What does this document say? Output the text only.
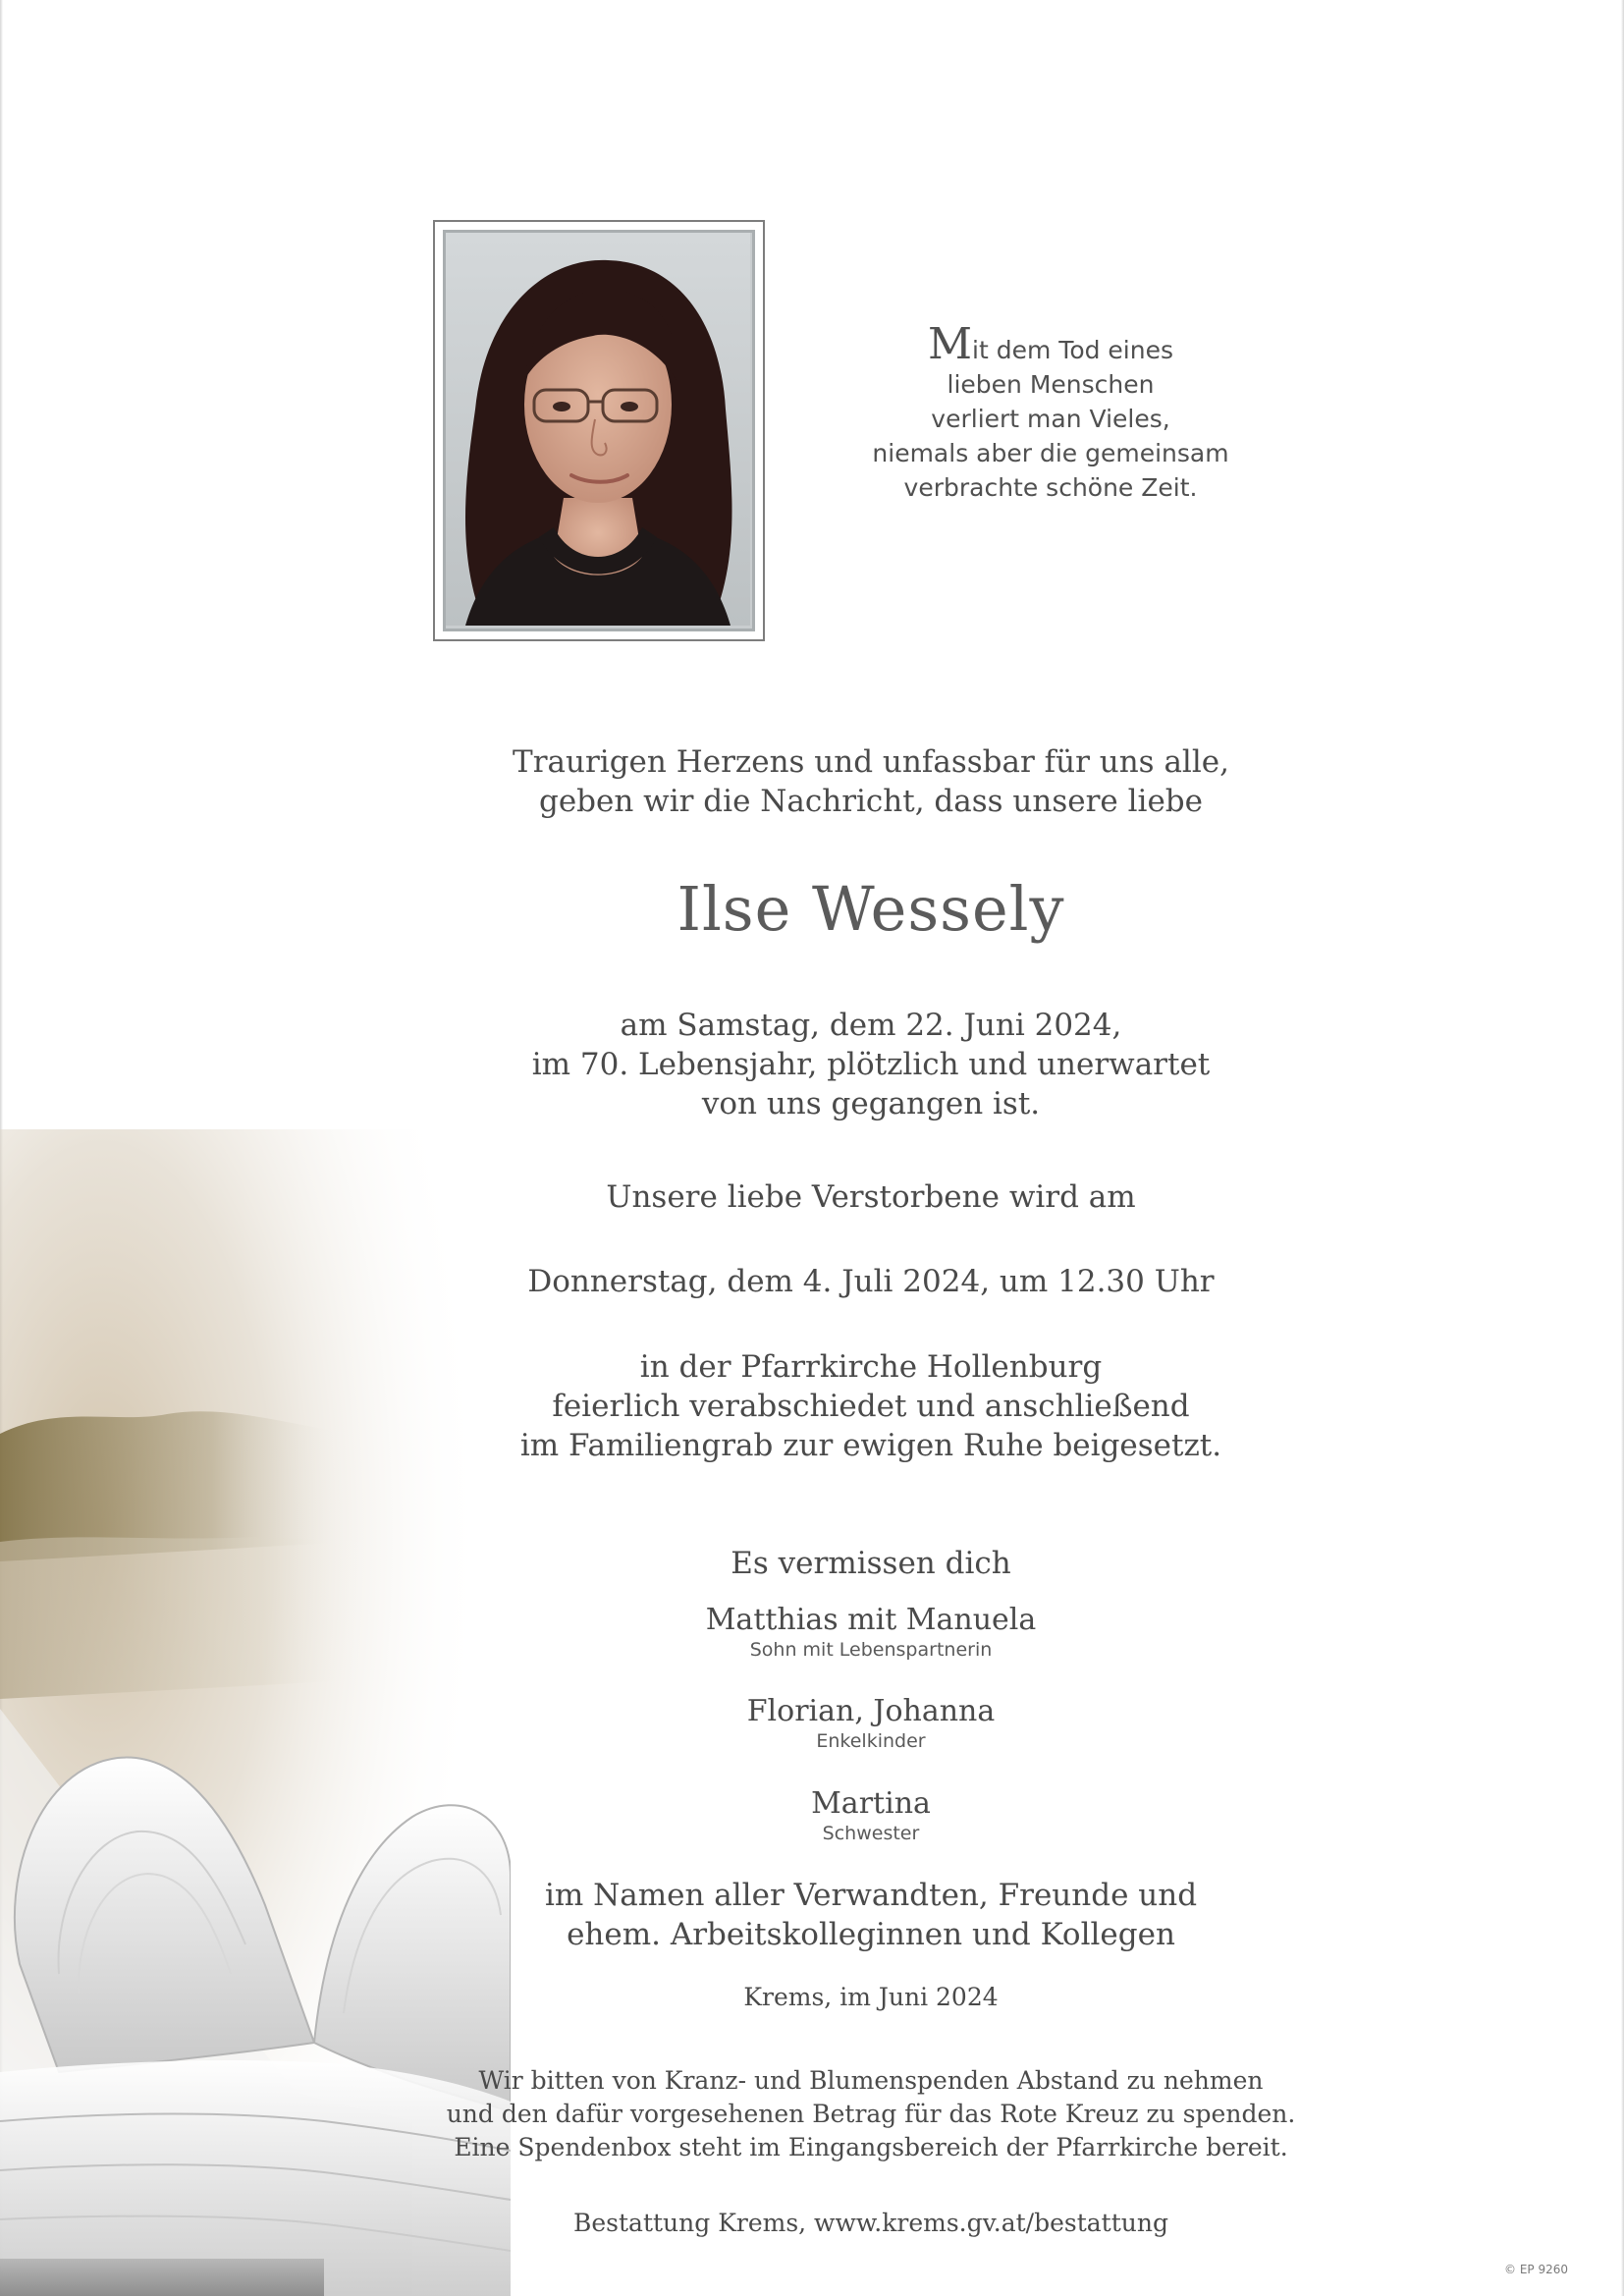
Mit dem Tod eines
lieben Menschen
verliert man Vieles,
niemals aber die gemeinsam
verbrachte schöne Zeit.
Traurigen Herzens und unfassbar für uns alle,
geben wir die Nachricht, dass unsere liebe
Ilse Wessely
am Samstag, dem 22. Juni 2024,
im 70. Lebensjahr, plötzlich und unerwartet
von uns gegangen ist.
Unsere liebe Verstorbene wird am
Donnerstag, dem 4. Juli 2024, um 12.30 Uhr
in der Pfarrkirche Hollenburg
feierlich verabschiedet und anschließend
im Familiengrab zur ewigen Ruhe beigesetzt.
Es vermissen dich
Matthias mit Manuela
Sohn mit Lebenspartnerin
Florian, Johanna
Enkelkinder
Martina
Schwester
im Namen aller Verwandten, Freunde und
ehem. Arbeitskolleginnen und Kollegen
Krems, im Juni 2024
Wir bitten von Kranz- und Blumenspenden Abstand zu nehmen
und den dafür vorgesehenen Betrag für das Rote Kreuz zu spenden.
Eine Spendenbox steht im Eingangsbereich der Pfarrkirche bereit.
Bestattung Krems, www.krems.gv.at/bestattung
© EP 9260
